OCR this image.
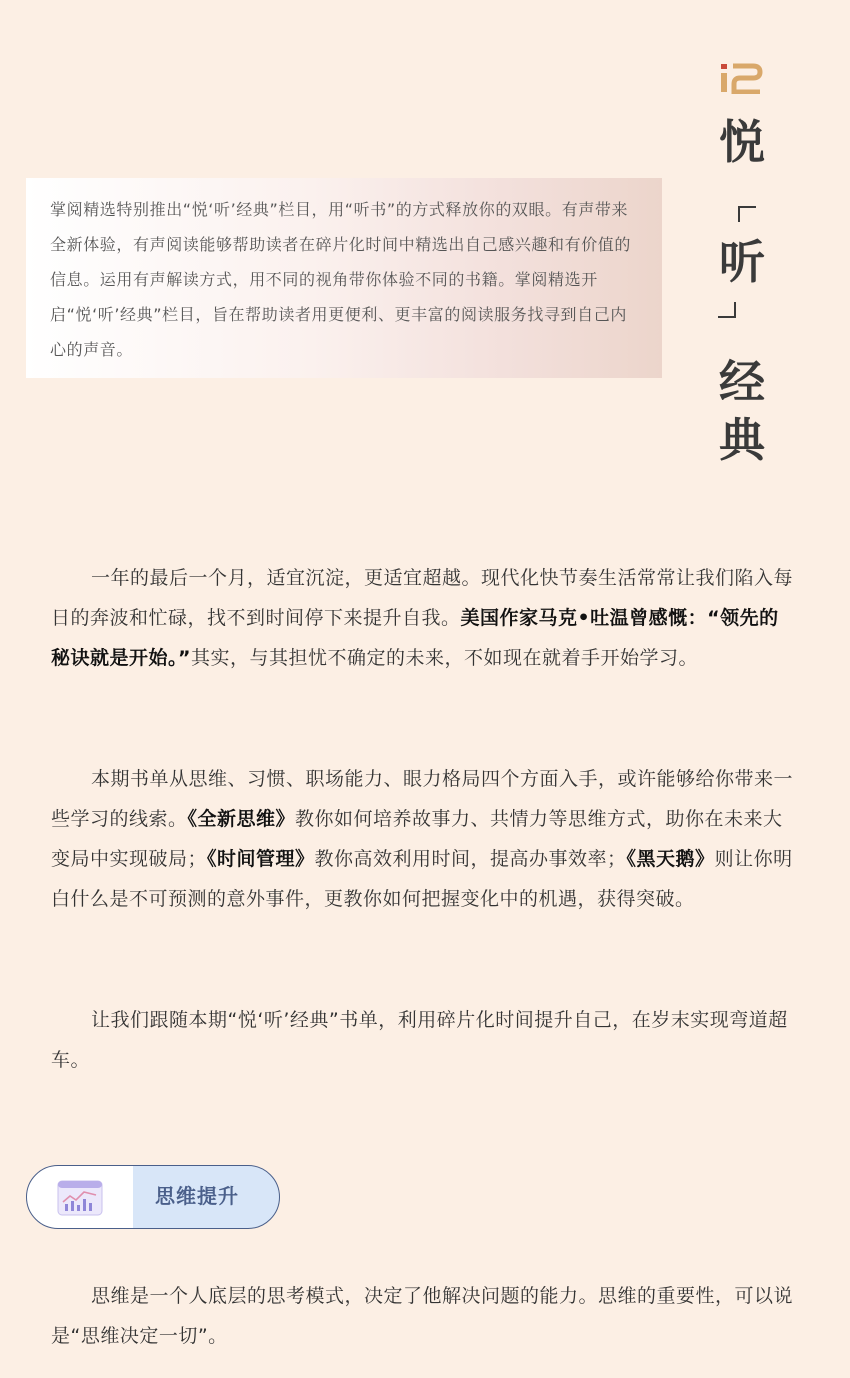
掌阅精选特别推出“悦‘听’经典”栏目，用“听书”的方式释放你的双眼。有声带来全新体验，有声阅读能够帮助读者在碎片化时间中精选出自己感兴趣和有价值的信息。运用有声解读方式，用不同的视角带你体验不同的书籍。掌阅精选开启“悦‘听’经典”栏目，旨在帮助读者用更便利、更丰富的阅读服务找寻到自己内心的声音。
悦
听
经
典

一年的最后一个月，适宜沉淀，更适宜超越。现代化快节奏生活常常让我们陷入每日的奔波和忙碌，找不到时间停下来提升自我。美国作家马克•吐温曾感慨：“领先的秘诀就是开始。”其实，与其担忧不确定的未来，不如现在就着手开始学习。

本期书单从思维、习惯、职场能力、眼力格局四个方面入手，或许能够给你带来一些学习的线索。《全新思维》教你如何培养故事力、共情力等思维方式，助你在未来大变局中实现破局；《时间管理》教你高效利用时间，提高办事效率；《黑天鹅》则让你明白什么是不可预测的意外事件，更教你如何把握变化中的机遇，获得突破。

让我们跟随本期“悦‘听’经典”书单，利用碎片化时间提升自己，在岁末实现弯道超车。

思维提升

思维是一个人底层的思考模式，决定了他解决问题的能力。思维的重要性，可以说是“思维决定一切”。
